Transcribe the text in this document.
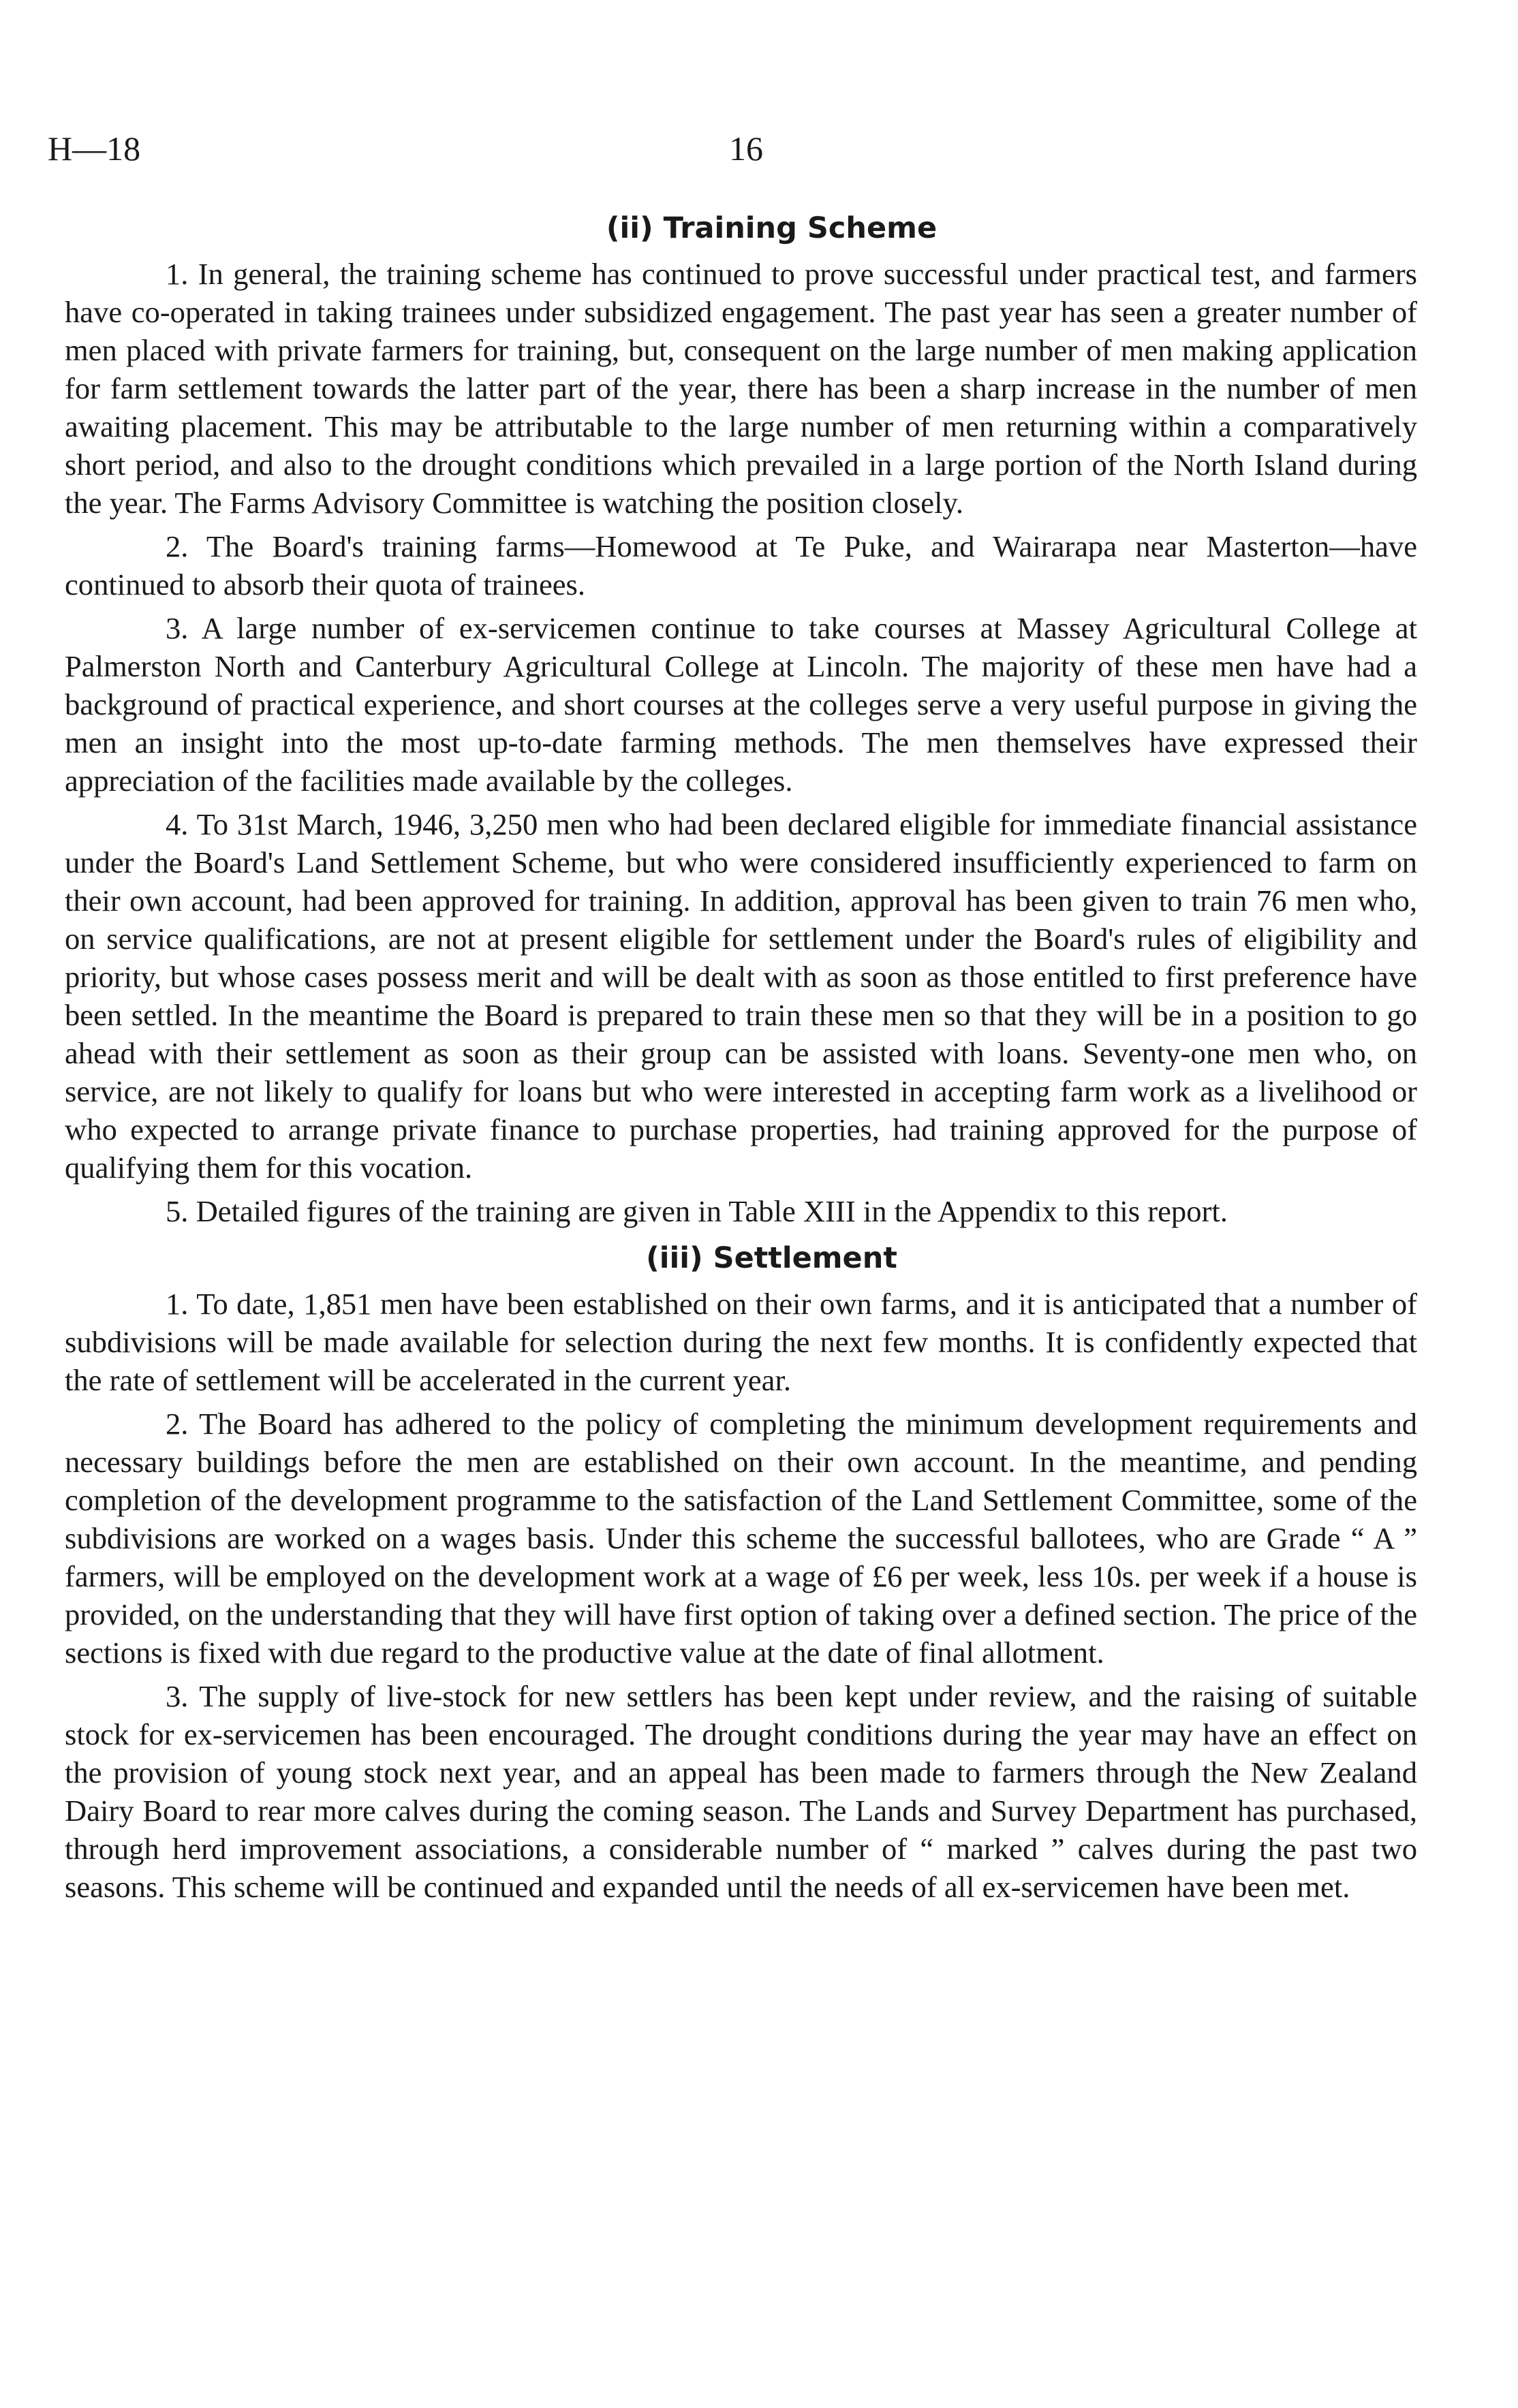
H—18	16
(ii) Training Scheme

1. In general, the training scheme has continued to prove successful under practical test, and farmers have co-operated in taking trainees under subsidized engagement. The past year has seen a greater number of men placed with private farmers for training, but, consequent on the large number of men making application for farm settlement towards the latter part of the year, there has been a sharp increase in the number of men awaiting placement. This may be attributable to the large number of men returning within a comparatively short period, and also to the drought conditions which prevailed in a large portion of the North Island during the year. The Farms Advisory Committee is watching the position closely.

2. The Board's training farms—Homewood at Te Puke, and Wairarapa near Masterton—have continued to absorb their quota of trainees.

3. A large number of ex-servicemen continue to take courses at Massey Agricultural College at Palmerston North and Canterbury Agricultural College at Lincoln. The majority of these men have had a background of practical experience, and short courses at the colleges serve a very useful purpose in giving the men an insight into the most up-to-date farming methods. The men themselves have expressed their appreciation of the facilities made available by the colleges.

4. To 31st March, 1946, 3,250 men who had been declared eligible for immediate financial assistance under the Board's Land Settlement Scheme, but who were considered insufficiently experienced to farm on their own account, had been approved for training. In addition, approval has been given to train 76 men who, on service qualifications, are not at present eligible for settlement under the Board's rules of eligibility and priority, but whose cases possess merit and will be dealt with as soon as those entitled to first preference have been settled. In the meantime the Board is prepared to train these men so that they will be in a position to go ahead with their settlement as soon as their group can be assisted with loans. Seventy-one men who, on service, are not likely to qualify for loans but who were interested in accepting farm work as a livelihood or who expected to arrange private finance to purchase properties, had training approved for the purpose of qualifying them for this vocation.

5. Detailed figures of the training are given in Table XIII in the Appendix to this report.

(iii) Settlement

1. To date, 1,851 men have been established on their own farms, and it is anticipated that a number of subdivisions will be made available for selection during the next few months. It is confidently expected that the rate of settlement will be accelerated in the current year.

2. The Board has adhered to the policy of completing the minimum development requirements and necessary buildings before the men are established on their own account. In the meantime, and pending completion of the development programme to the satisfaction of the Land Settlement Committee, some of the subdivisions are worked on a wages basis. Under this scheme the successful ballotees, who are Grade “ A ” farmers, will be employed on the development work at a wage of £6 per week, less 10s. per week if a house is provided, on the understanding that they will have first option of taking over a defined section. The price of the sections is fixed with due regard to the productive value at the date of final allotment.

3. The supply of live-stock for new settlers has been kept under review, and the raising of suitable stock for ex-servicemen has been encouraged. The drought conditions during the year may have an effect on the provision of young stock next year, and an appeal has been made to farmers through the New Zealand Dairy Board to rear more calves during the coming season. The Lands and Survey Department has purchased, through herd improvement associations, a considerable number of “ marked ” calves during the past two seasons. This scheme will be continued and expanded until the needs of all ex-servicemen have been met.
